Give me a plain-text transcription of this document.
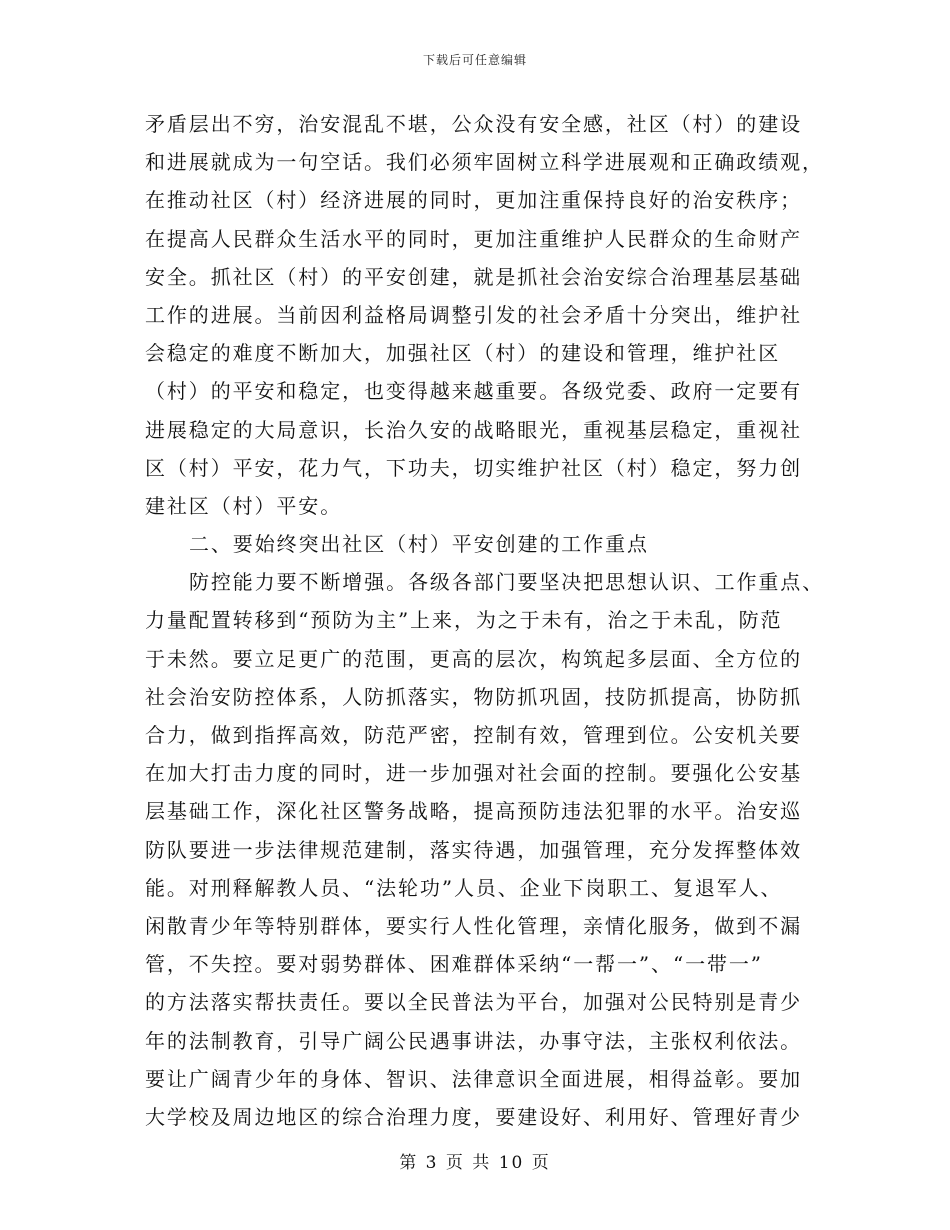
下载后可任意编辑
矛盾层出不穷，治安混乱不堪，公众没有安全感，社区（村）的建设
和进展就成为一句空话。我们必须牢固树立科学进展观和正确政绩观，
在推动社区（村）经济进展的同时，更加注重保持良好的治安秩序；
在提高人民群众生活水平的同时，更加注重维护人民群众的生命财产
安全。抓社区（村）的平安创建，就是抓社会治安综合治理基层基础
工作的进展。当前因利益格局调整引发的社会矛盾十分突出，维护社
会稳定的难度不断加大，加强社区（村）的建设和管理，维护社区
（村）的平安和稳定，也变得越来越重要。各级党委、政府一定要有
进展稳定的大局意识，长治久安的战略眼光，重视基层稳定，重视社
区（村）平安，花力气，下功夫，切实维护社区（村）稳定，努力创
建社区（村）平安。
二、要始终突出社区（村）平安创建的工作重点
防控能力要不断增强。各级各部门要坚决把思想认识、工作重点、
力量配置转移到“预防为主”上来，为之于未有，治之于未乱，防范
于未然。要立足更广的范围，更高的层次，构筑起多层面、全方位的
社会治安防控体系，人防抓落实，物防抓巩固，技防抓提高，协防抓
合力，做到指挥高效，防范严密，控制有效，管理到位。公安机关要
在加大打击力度的同时，进一步加强对社会面的控制。要强化公安基
层基础工作，深化社区警务战略，提高预防违法犯罪的水平。治安巡
防队要进一步法律规范建制，落实待遇，加强管理，充分发挥整体效
能。对刑释解教人员、“法轮功”人员、企业下岗职工、复退军人、
闲散青少年等特别群体，要实行人性化管理，亲情化服务，做到不漏
管，不失控。要对弱势群体、困难群体采纳“一帮一”、“一带一”
的方法落实帮扶责任。要以全民普法为平台，加强对公民特别是青少
年的法制教育，引导广阔公民遇事讲法，办事守法，主张权利依法。
要让广阔青少年的身体、智识、法律意识全面进展，相得益彰。要加
大学校及周边地区的综合治理力度，要建设好、利用好、管理好青少
第 3 页 共 10 页
